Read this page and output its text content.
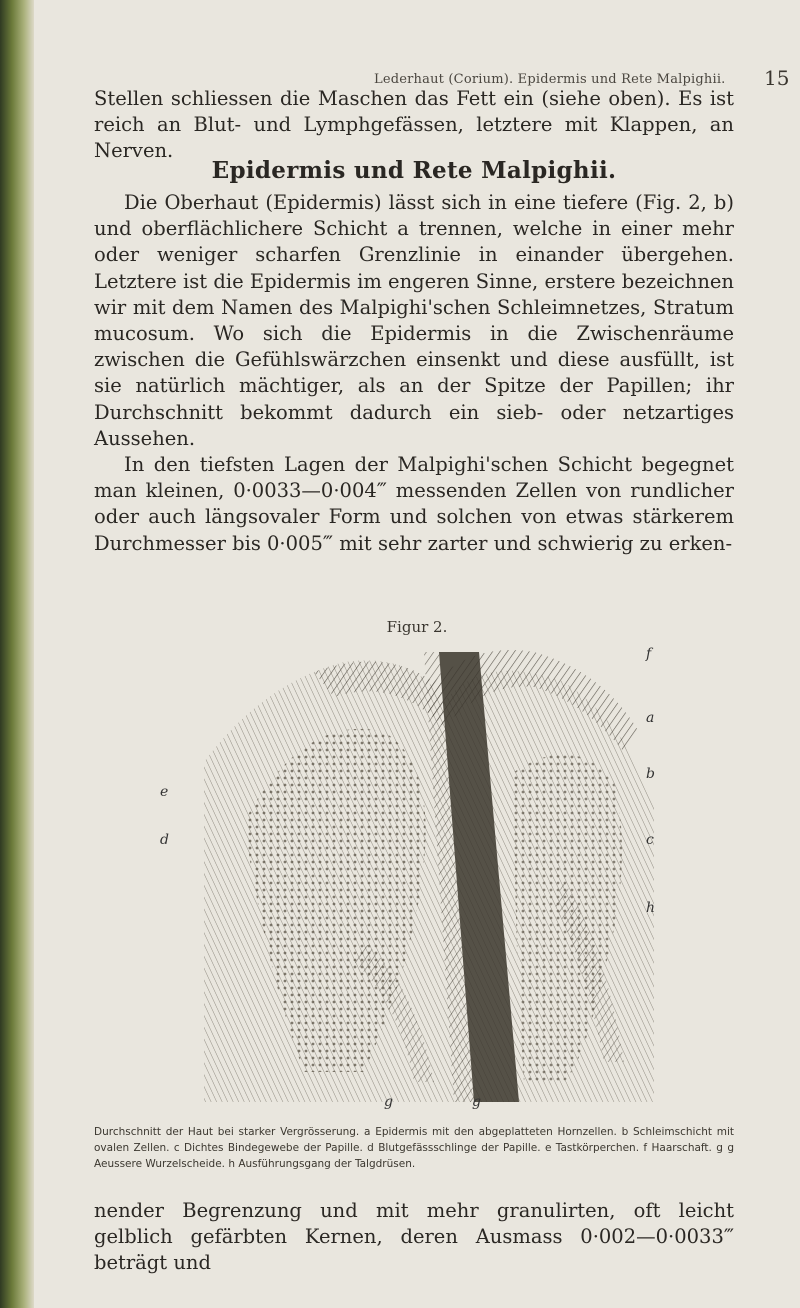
Lederhaut (Corium). Epidermis und Rete Malpighii. 15

Stellen schliessen die Maschen das Fett ein (siehe oben). Es ist reich an Blut- und Lymphgefässen, letztere mit Klappen, an Nerven.

Epidermis und Rete Malpighii.

Die Oberhaut (Epidermis) lässt sich in eine tiefere (Fig. 2, b) und oberflächlichere Schicht a trennen, welche in einer mehr oder weniger scharfen Grenzlinie in einander übergehen. Letztere ist die Epidermis im engeren Sinne, erstere bezeichnen wir mit dem Namen des Malpighi'schen Schleimnetzes, Stratum mucosum. Wo sich die Epidermis in die Zwischenräume zwischen die Gefühlswärzchen einsenkt und diese ausfüllt, ist sie natürlich mächtiger, als an der Spitze der Papillen; ihr Durchschnitt bekommt dadurch ein sieb- oder netzartiges Aussehen.

In den tiefsten Lagen der Malpighi'schen Schicht begegnet man kleinen, 0·0033—0·004‴ messenden Zellen von rundlicher oder auch längsovaler Form und solchen von etwas stärkerem Durchmesser bis 0·005‴ mit sehr zarter und schwierig zu erken-

Figur 2.
f
a
b
e
d	c
h
g	g
Durchschnitt der Haut bei starker Vergrösserung. a Epidermis mit den abgeplatteten Hornzellen. b Schleimschicht mit ovalen Zellen. c Dichtes Bindegewebe der Papille. d Blutgefässschlinge der Papille. e Tastkörperchen. f Haarschaft. g g Aeussere Wurzelscheide. h Ausführungsgang der Talgdrüsen.
nender Begrenzung und mit mehr granulirten, oft leicht gelblich gefärbten Kernen, deren Ausmass 0·002—0·0033‴ beträgt und
